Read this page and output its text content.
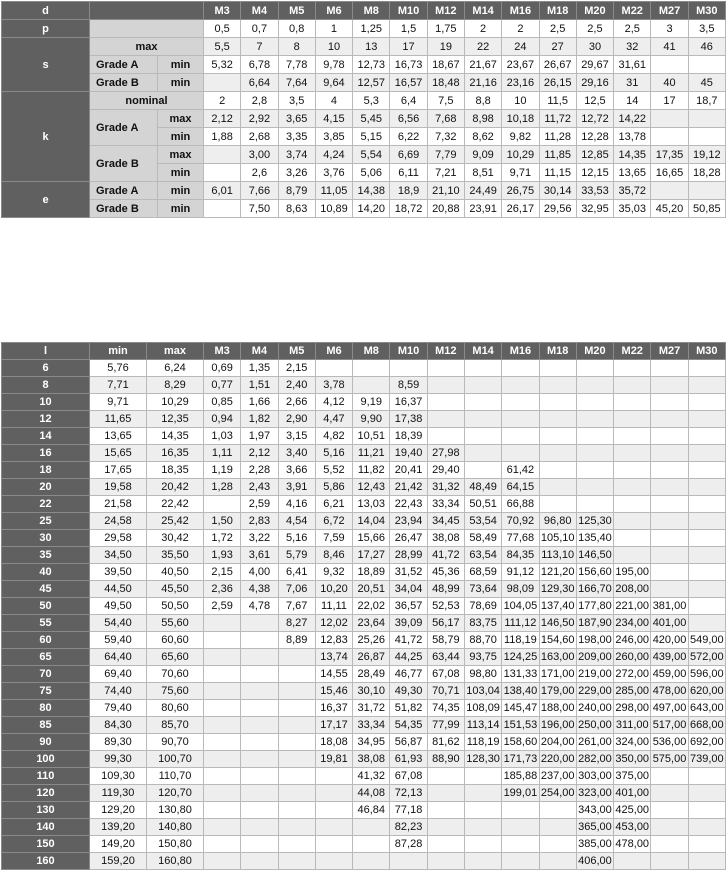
d			M3	M4	M5	M6	M8	M10	M12	M14	M16	M18	M20	M22	M27	M30
p			0,5	0,7	0,8	1	1,25	1,5	1,75	2	2	2,5	2,5	2,5	3	3,5
s	max		5,5	7	8	10	13	17	19	22	24	27	30	32	41	46
	Grade A	min	5,32	6,78	7,78	9,78	12,73	16,73	18,67	21,67	23,67	26,67	29,67	31,61		
	Grade B	min		6,64	7,64	9,64	12,57	16,57	18,48	21,16	23,16	26,15	29,16	31	40	45
k	nominal		2	2,8	3,5	4	5,3	6,4	7,5	8,8	10	11,5	12,5	14	17	18,7
	Grade A	max	2,12	2,92	3,65	4,15	5,45	6,56	7,68	8,98	10,18	11,72	12,72	14,22		
		min	1,88	2,68	3,35	3,85	5,15	6,22	7,32	8,62	9,82	11,28	12,28	13,78		
	Grade B	max		3,00	3,74	4,24	5,54	6,69	7,79	9,09	10,29	11,85	12,85	14,35	17,35	19,12
		min		2,6	3,26	3,76	5,06	6,11	7,21	8,51	9,71	11,15	12,15	13,65	16,65	18,28
e	Grade A	min	6,01	7,66	8,79	11,05	14,38	18,9	21,10	24,49	26,75	30,14	33,53	35,72		
	Grade B	min		7,50	8,63	10,89	14,20	18,72	20,88	23,91	26,17	29,56	32,95	35,03	45,20	50,85
l	min	max	M3	M4	M5	M6	M8	M10	M12	M14	M16	M18	M20	M22	M27	M30
6	5,76	6,24	0,69	1,35	2,15											
8	7,71	8,29	0,77	1,51	2,40	3,78		8,59								
10	9,71	10,29	0,85	1,66	2,66	4,12	9,19	16,37								
12	11,65	12,35	0,94	1,82	2,90	4,47	9,90	17,38								
14	13,65	14,35	1,03	1,97	3,15	4,82	10,51	18,39								
16	15,65	16,35	1,11	2,12	3,40	5,16	11,21	19,40	27,98							
18	17,65	18,35	1,19	2,28	3,66	5,52	11,82	20,41	29,40		61,42					
20	19,58	20,42	1,28	2,43	3,91	5,86	12,43	21,42	31,32	48,49	64,15					
22	21,58	22,42		2,59	4,16	6,21	13,03	22,43	33,34	50,51	66,88					
25	24,58	25,42	1,50	2,83	4,54	6,72	14,04	23,94	34,45	53,54	70,92	96,80	125,30			
30	29,58	30,42	1,72	3,22	5,16	7,59	15,66	26,47	38,08	58,49	77,68	105,10	135,40			
35	34,50	35,50	1,93	3,61	5,79	8,46	17,27	28,99	41,72	63,54	84,35	113,10	146,50			
40	39,50	40,50	2,15	4,00	6,41	9,32	18,89	31,52	45,36	68,59	91,12	121,20	156,60	195,00		
45	44,50	45,50	2,36	4,38	7,06	10,20	20,51	34,04	48,99	73,64	98,09	129,30	166,70	208,00		
50	49,50	50,50	2,59	4,78	7,67	11,11	22,02	36,57	52,53	78,69	104,05	137,40	177,80	221,00	381,00	
55	54,40	55,60			8,27	12,02	23,64	39,09	56,17	83,75	111,12	146,50	187,90	234,00	401,00	
60	59,40	60,60			8,89	12,83	25,26	41,72	58,79	88,70	118,19	154,60	198,00	246,00	420,00	549,00
65	64,40	65,60				13,74	26,87	44,25	63,44	93,75	124,25	163,00	209,00	260,00	439,00	572,00
70	69,40	70,60				14,55	28,49	46,77	67,08	98,80	131,33	171,00	219,00	272,00	459,00	596,00
75	74,40	75,60				15,46	30,10	49,30	70,71	103,04	138,40	179,00	229,00	285,00	478,00	620,00
80	79,40	80,60				16,37	31,72	51,82	74,35	108,09	145,47	188,00	240,00	298,00	497,00	643,00
85	84,30	85,70				17,17	33,34	54,35	77,99	113,14	151,53	196,00	250,00	311,00	517,00	668,00
90	89,30	90,70				18,08	34,95	56,87	81,62	118,19	158,60	204,00	261,00	324,00	536,00	692,00
100	99,30	100,70				19,81	38,08	61,93	88,90	128,30	171,73	220,00	282,00	350,00	575,00	739,00
110	109,30	110,70					41,32	67,08			185,88	237,00	303,00	375,00		
120	119,30	120,70					44,08	72,13			199,01	254,00	323,00	401,00		
130	129,20	130,80					46,84	77,18					343,00	425,00		
140	139,20	140,80						82,23					365,00	453,00		
150	149,20	150,80						87,28					385,00	478,00		
160	159,20	160,80											406,00			
